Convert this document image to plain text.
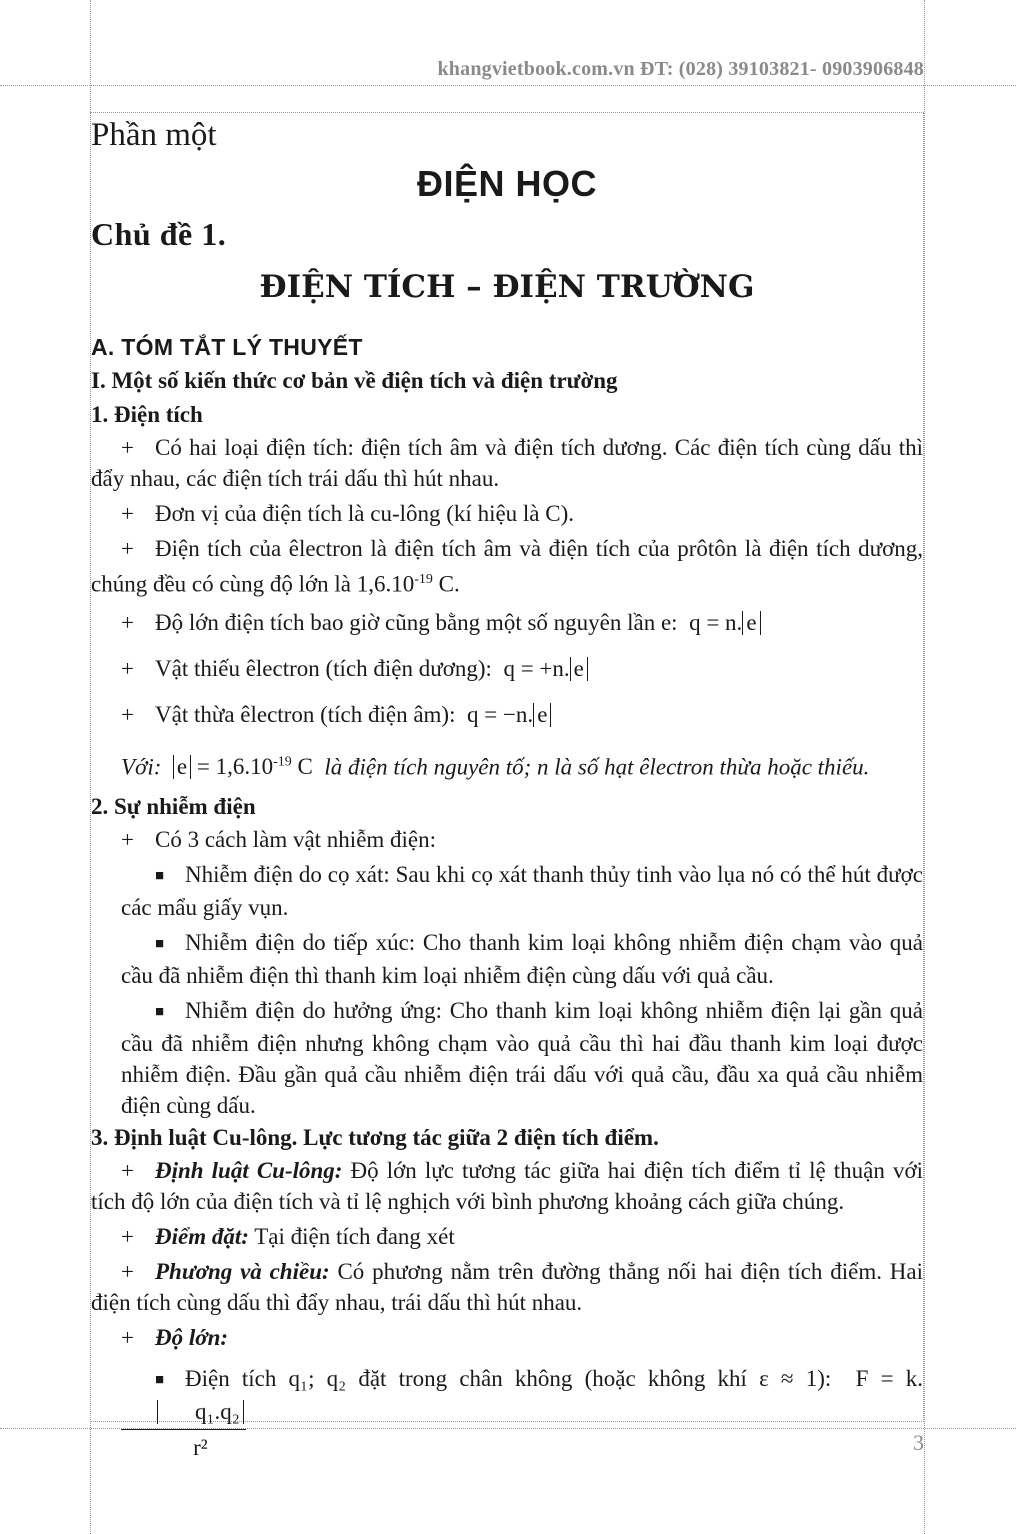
khangvietbook.com.vn ĐT: (028) 39103821- 0903906848
Phần một
ĐIỆN HỌC
Chủ đề 1.
ĐIỆN TÍCH – ĐIỆN TRƯỜNG
A. TÓM TẮT LÝ THUYẾT
I. Một số kiến thức cơ bản về điện tích và điện trường
1. Điện tích
+ Có hai loại điện tích: điện tích âm và điện tích dương. Các điện tích cùng dấu thì đẩy nhau, các điện tích trái dấu thì hút nhau.
+ Đơn vị của điện tích là cu-lông (kí hiệu là C).
+ Điện tích của êlectron là điện tích âm và điện tích của prôtôn là điện tích dương, chúng đều có cùng độ lớn là $1,6.10^{-19}$ C.
+ Độ lớn điện tích bao giờ cũng bằng một số nguyên lần e: q = n. e
+ Vật thiếu êlectron (tích điện dương): q = +n. e
+ Vật thừa êlectron (tích điện âm): q = −n. e
Với: $e = 1,6.10^{-19}$ C là điện tích nguyên tố; n là số hạt êlectron thừa hoặc thiếu.
2. Sự nhiễm điện
+ Có 3 cách làm vật nhiễm điện:
■ Nhiễm điện do cọ xát: Sau khi cọ xát thanh thủy tinh vào lụa nó có thể hút được các mẩu giấy vụn.
■ Nhiễm điện do tiếp xúc: Cho thanh kim loại không nhiễm điện chạm vào quả cầu đã nhiễm điện thì thanh kim loại nhiễm điện cùng dấu với quả cầu.
■ Nhiễm điện do hưởng ứng: Cho thanh kim loại không nhiễm điện lại gần quả cầu đã nhiễm điện nhưng không chạm vào quả cầu thì hai đầu thanh kim loại được nhiễm điện. Đầu gần quả cầu nhiễm điện trái dấu với quả cầu, đầu xa quả cầu nhiễm điện cùng dấu.
3. Định luật Cu-lông. Lực tương tác giữa 2 điện tích điểm.
+ Định luật Cu-lông: Độ lớn lực tương tác giữa hai điện tích điểm tỉ lệ thuận với tích độ lớn của điện tích và tỉ lệ nghịch với bình phương khoảng cách giữa chúng.
+ Điểm đặt: Tại điện tích đang xét
+ Phương và chiều: Có phương nằm trên đường thẳng nối hai điện tích điểm. Hai điện tích cùng dấu thì đẩy nhau, trái dấu thì hút nhau.
+ Độ lớn:
■ Điện tích q₁; q₂ đặt trong chân không (hoặc không khí ε ≈ 1): F = k.
$\frac{\text{q₁.q₂}}{\text{r²}}$	3
